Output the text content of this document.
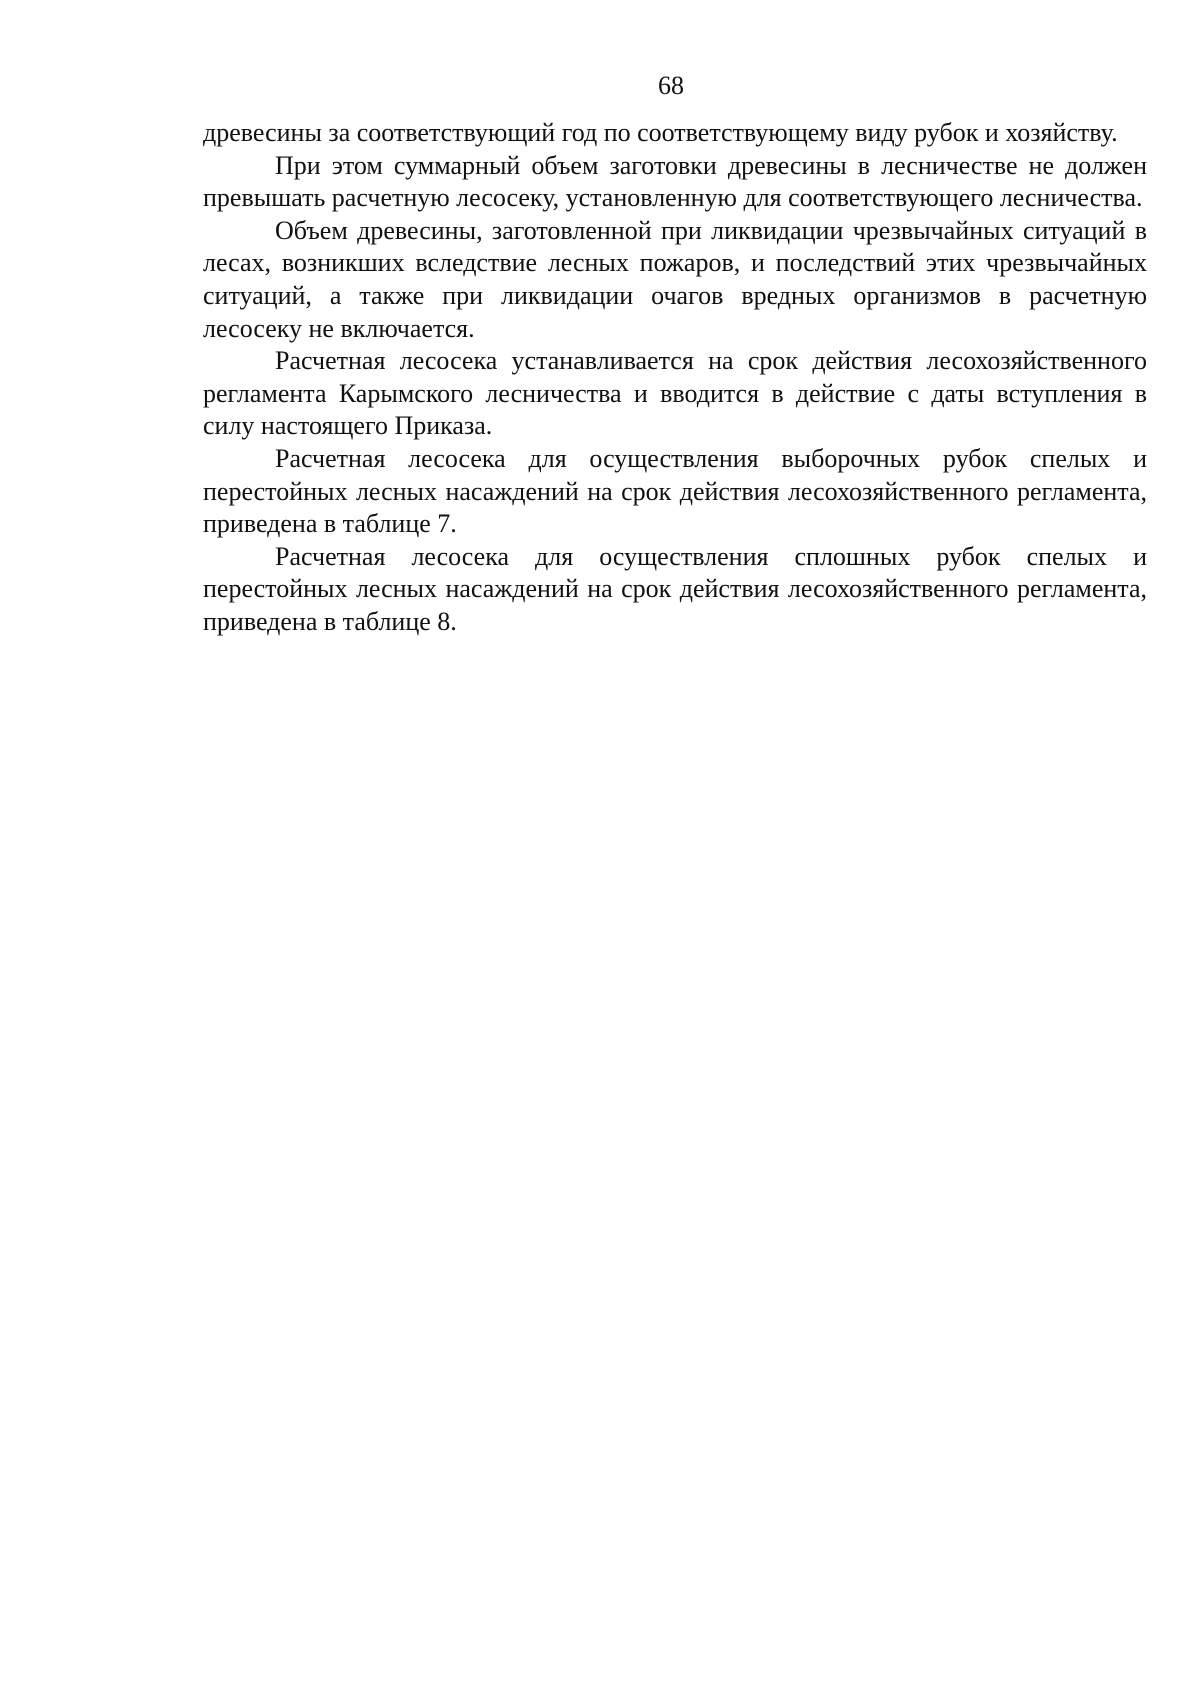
68

древесины за соответствующий год по соответствующему виду рубок и хозяйству.

При этом суммарный объем заготовки древесины в лесничестве не должен превышать расчетную лесосеку, установленную для соответствующего лесничества.

Объем древесины, заготовленной при ликвидации чрезвычайных ситуаций в лесах, возникших вследствие лесных пожаров, и последствий этих чрезвычайных ситуаций, а также при ликвидации очагов вредных организмов в расчетную лесосеку не включается.

Расчетная лесосека устанавливается на срок действия лесохозяйственного регламента Карымского лесничества и вводится в действие с даты вступления в силу настоящего Приказа.

Расчетная лесосека для осуществления выборочных рубок спелых и перестойных лесных насаждений на срок действия лесохозяйственного регламента, приведена в таблице 7.

Расчетная лесосека для осуществления сплошных рубок спелых и перестойных лесных насаждений на срок действия лесохозяйственного регламента, приведена в таблице 8.
